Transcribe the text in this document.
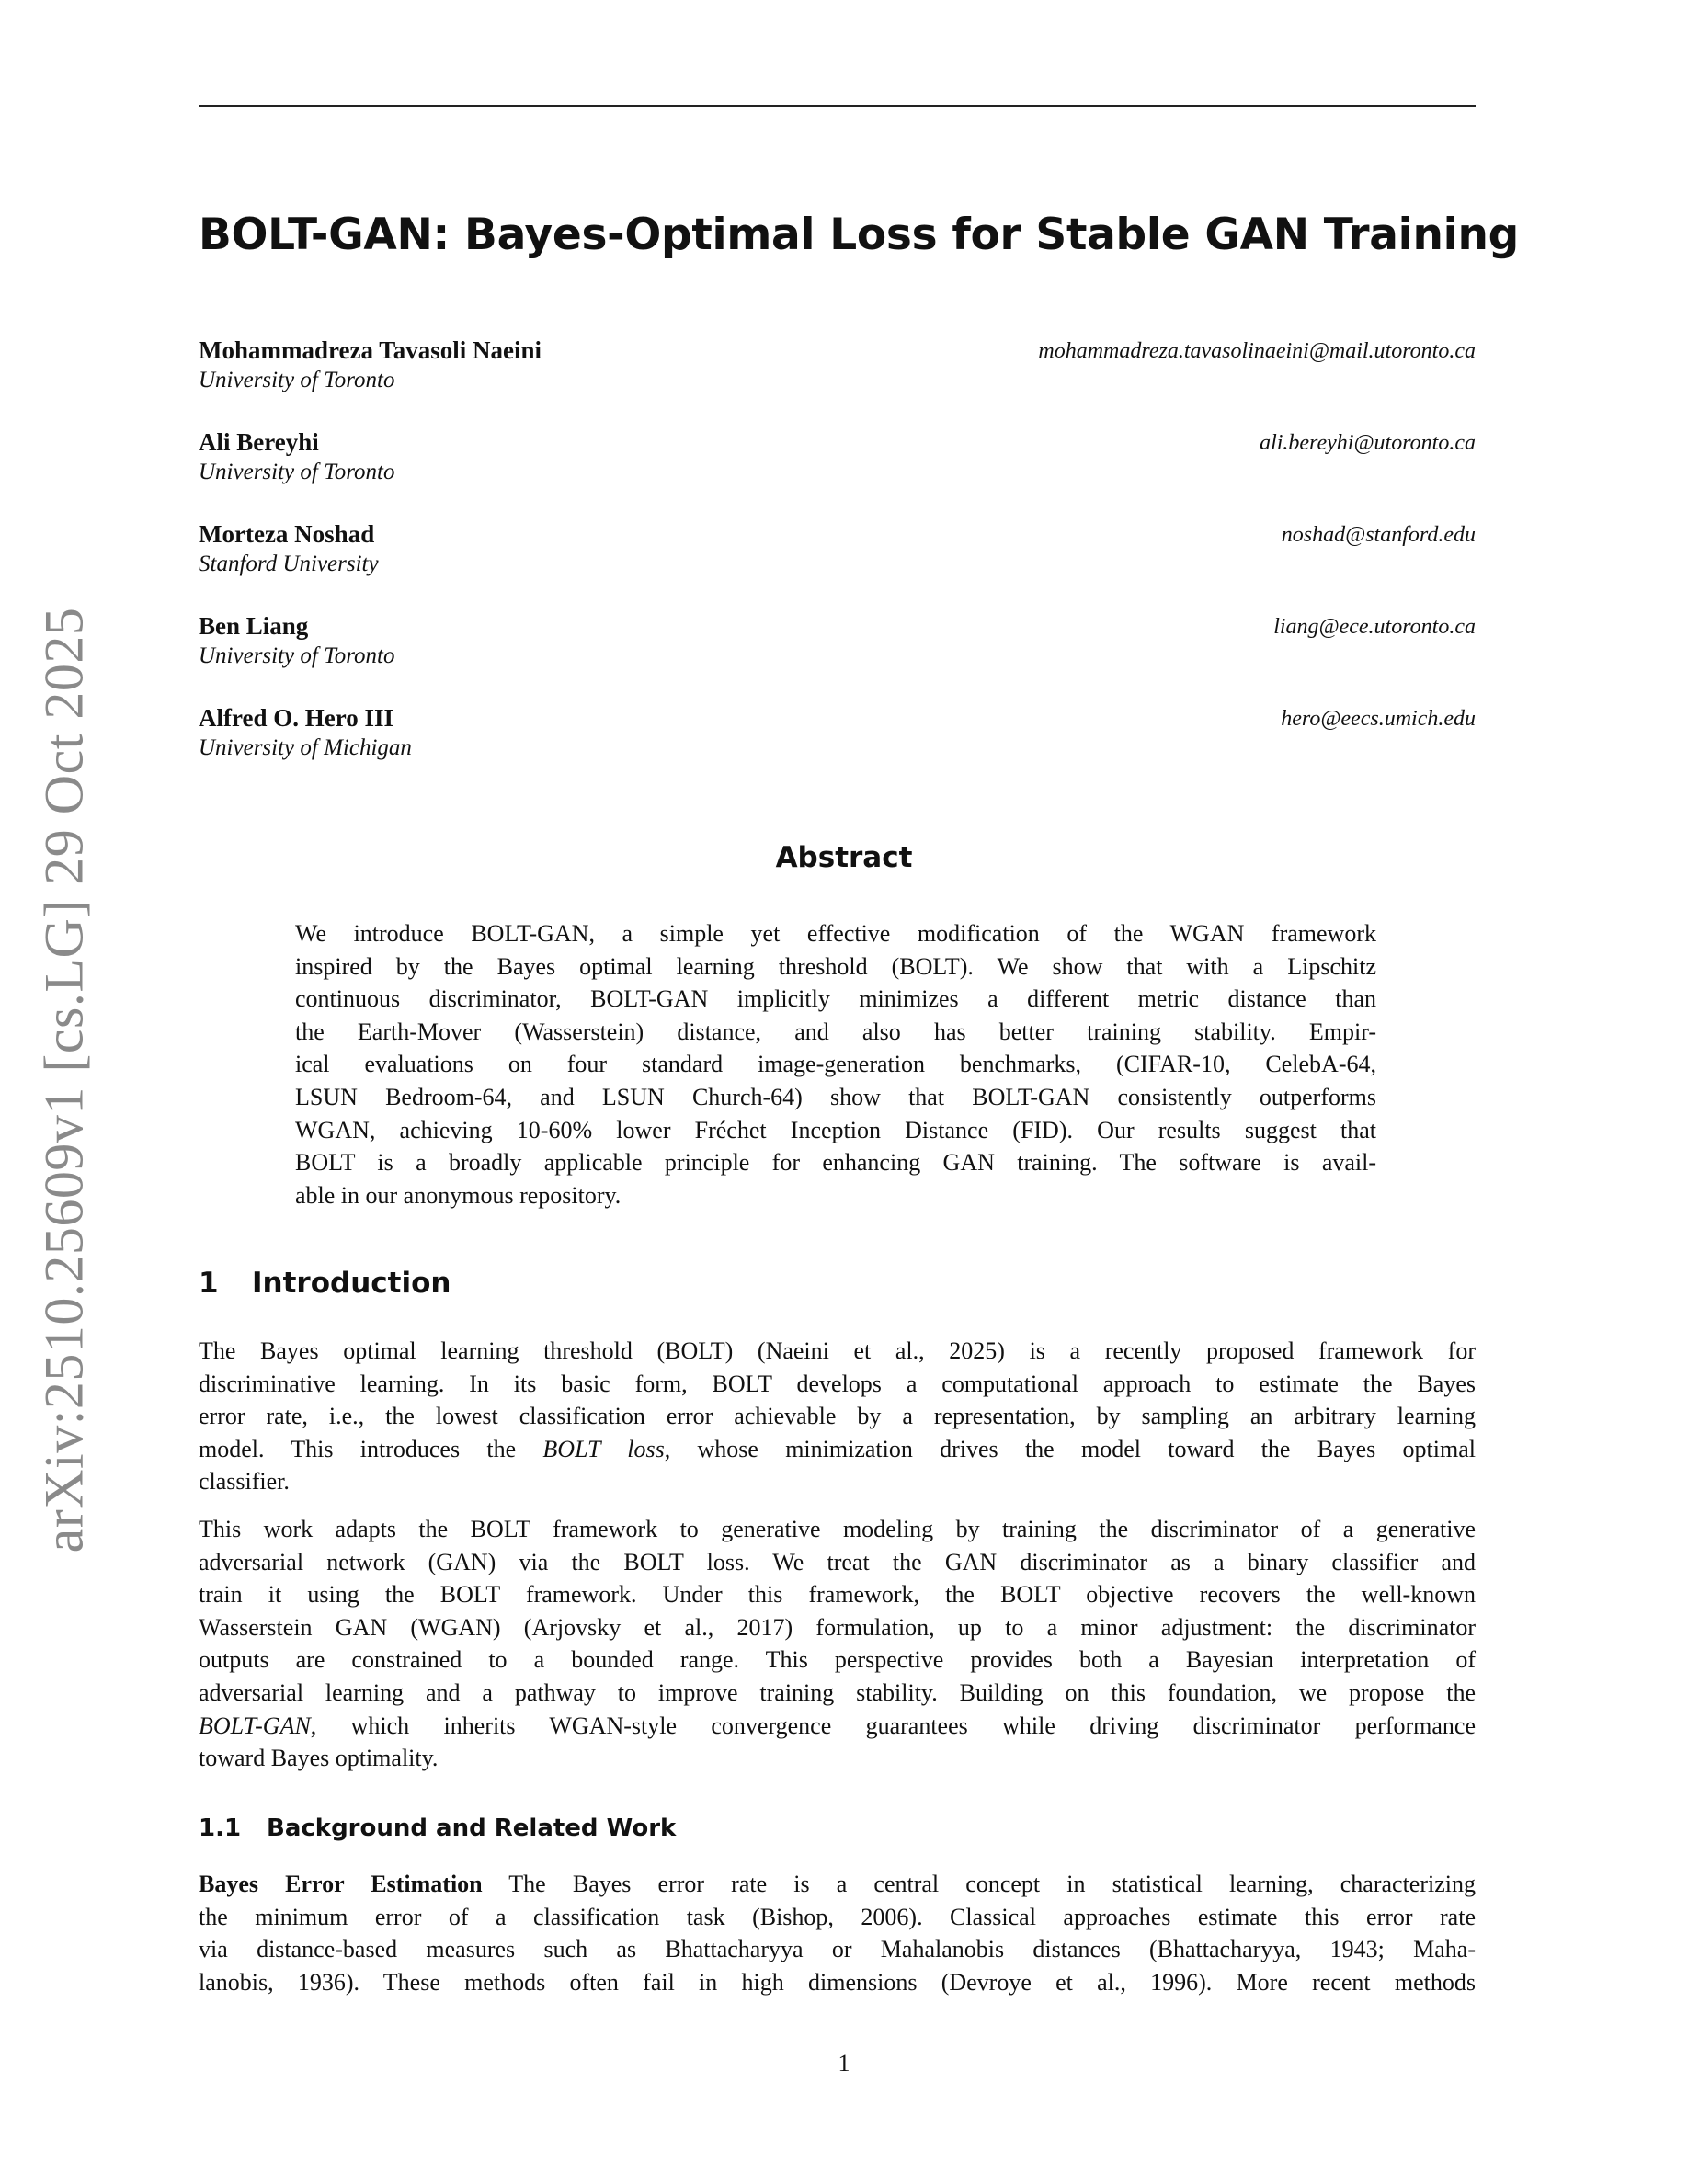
arXiv:2510.25609v1 [cs.LG] 29 Oct 2025
BOLT-GAN: Bayes-Optimal Loss for Stable GAN Training
Mohammadreza Tavasoli Naeini
University of Toronto
mohammadreza.tavasolinaeini@mail.utoronto.ca
Ali Bereyhi
University of Toronto
ali.bereyhi@utoronto.ca
Morteza Noshad
Stanford University
noshad@stanford.edu
Ben Liang
University of Toronto
liang@ece.utoronto.ca
Alfred O. Hero III
University of Michigan
hero@eecs.umich.edu
Abstract
We introduce BOLT-GAN, a simple yet effective modification of the WGAN framework
inspired by the Bayes optimal learning threshold (BOLT). We show that with a Lipschitz
continuous discriminator, BOLT-GAN implicitly minimizes a different metric distance than
the Earth-Mover (Wasserstein) distance, and also has better training stability. Empir-
ical evaluations on four standard image-generation benchmarks, (CIFAR-10, CelebA-64,
LSUN Bedroom-64, and LSUN Church-64) show that BOLT-GAN consistently outperforms
WGAN, achieving 10-60% lower Fréchet Inception Distance (FID). Our results suggest that
BOLT is a broadly applicable principle for enhancing GAN training. The software is avail-
able in our anonymous repository.
1 Introduction
The Bayes optimal learning threshold (BOLT) (Naeini et al., 2025) is a recently proposed framework for
discriminative learning. In its basic form, BOLT develops a computational approach to estimate the Bayes
error rate, i.e., the lowest classification error achievable by a representation, by sampling an arbitrary learning
model. This introduces the BOLT loss, whose minimization drives the model toward the Bayes optimal
classifier.
This work adapts the BOLT framework to generative modeling by training the discriminator of a generative
adversarial network (GAN) via the BOLT loss. We treat the GAN discriminator as a binary classifier and
train it using the BOLT framework. Under this framework, the BOLT objective recovers the well-known
Wasserstein GAN (WGAN) (Arjovsky et al., 2017) formulation, up to a minor adjustment: the discriminator
outputs are constrained to a bounded range. This perspective provides both a Bayesian interpretation of
adversarial learning and a pathway to improve training stability. Building on this foundation, we propose the
BOLT-GAN, which inherits WGAN-style convergence guarantees while driving discriminator performance
toward Bayes optimality.
1.1 Background and Related Work
Bayes Error Estimation The Bayes error rate is a central concept in statistical learning, characterizing
the minimum error of a classification task (Bishop, 2006). Classical approaches estimate this error rate
via distance-based measures such as Bhattacharyya or Mahalanobis distances (Bhattacharyya, 1943; Maha-
lanobis, 1936). These methods often fail in high dimensions (Devroye et al., 1996). More recent methods
1
